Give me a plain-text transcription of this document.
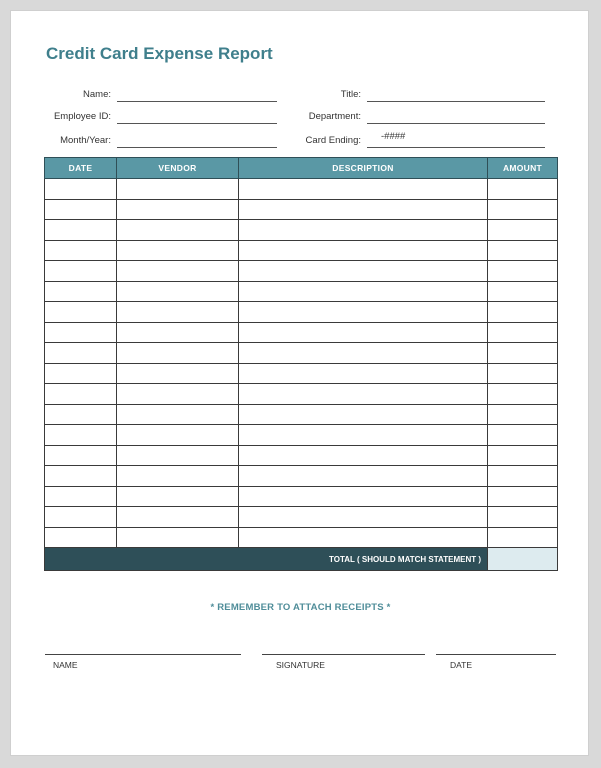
Credit Card Expense Report
Name:
Employee ID:
Month/Year:
Title:
Department:
Card Ending: -####
DATE	VENDOR	DESCRIPTION	AMOUNT

TOTAL ( SHOULD MATCH STATEMENT )			
* REMEMBER TO ATTACH RECEIPTS *
NAME	SIGNATURE	DATE
